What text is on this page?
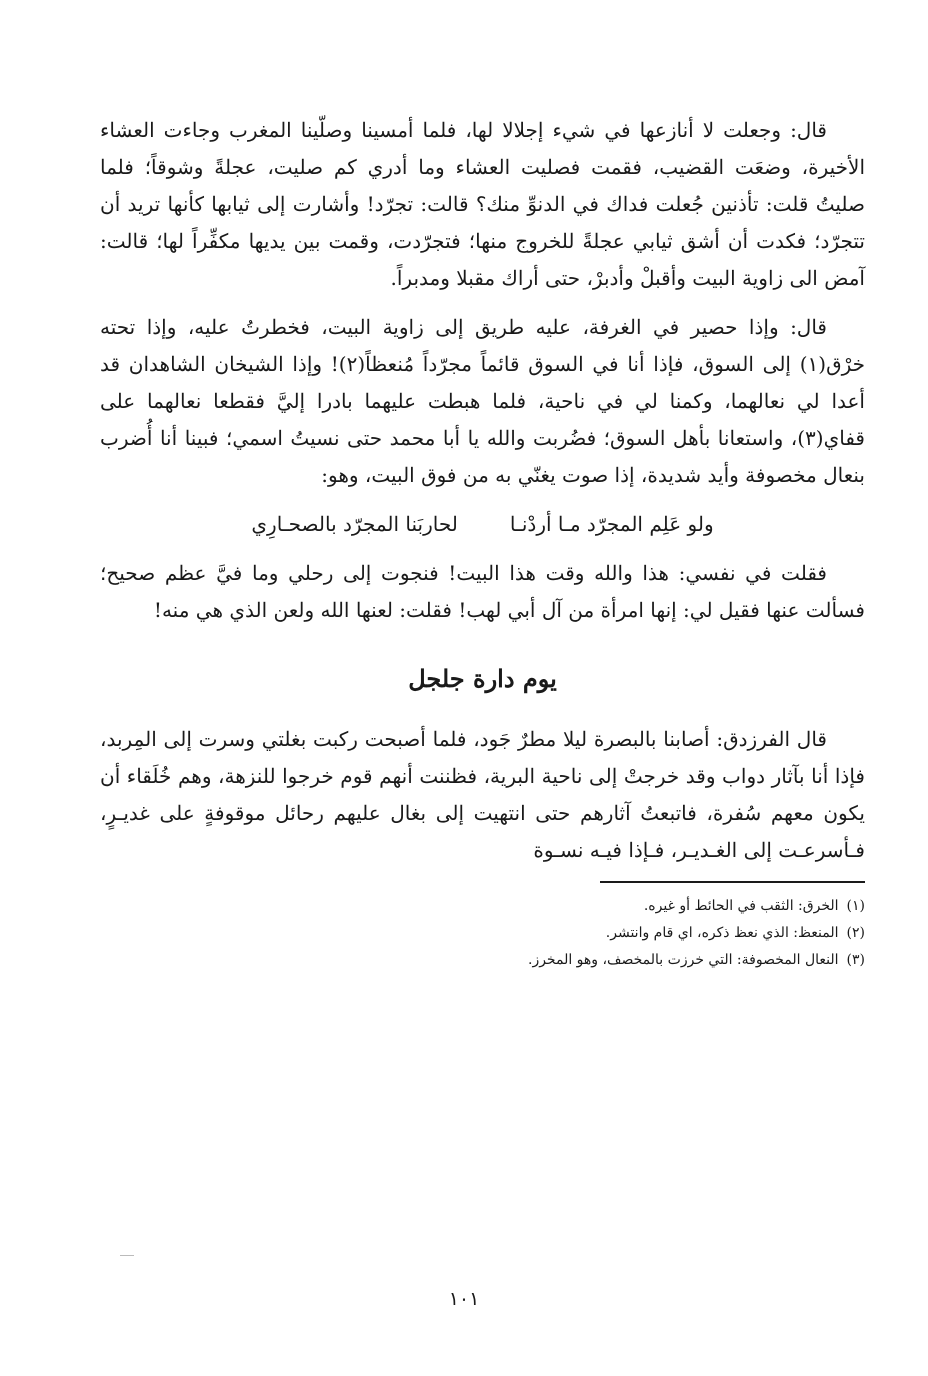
قال: وجعلت لا أنازعها في شيء إجلالا لها، فلما أمسينا وصلّينا المغرب وجاءت العشاء الأخيرة، وضعَت القضيب، فقمت فصليت العشاء وما أدري كم صليت، عجلةً وشوقاً؛ فلما صليتُ قلت: تأذنين جُعلت فداك في الدنوِّ منك؟ قالت: تجرّد! وأشارت إلى ثيابها كأنها تريد أن تتجرّد؛ فكدت أن أشق ثيابي عجلةً للخروج منها؛ فتجرّدت، وقمت بين يديها مكفِّراً لها؛ قالت: آمض الى زاوية البيت وأقبلْ وأدبرْ، حتى أراك مقبلا ومدبراً.

قال: وإذا حصير في الغرفة، عليه طريق إلى زاوية البيت، فخطرتُ عليه، وإذا تحته خرْق(١) إلى السوق، فإذا أنا في السوق قائماً مجرّداً مُنعظاً(٢)! وإذا الشيخان الشاهدان قد أعدا لي نعالهما، وكمنا لي في ناحية، فلما هبطت عليهما بادرا إليَّ فقطعا نعالهما على قفاي(٣)، واستعانا بأهل السوق؛ فضُربت والله يا أبا محمد حتى نسيتُ اسمي؛ فبينا أنا أُضرب بنعال مخصوفة وأيد شديدة، إذا صوت يغنّي به من فوق البيت، وهو:

ولو عَلِم المجرّد مـا أردْنـا
لحاربَنا المجرّد بالصحـارِي

فقلت في نفسي: هذا والله وقت هذا البيت! فنجوت إلى رحلي وما فيَّ عظم صحيح؛ فسألت عنها فقيل لي: إنها امرأة من آل أبي لهب! فقلت: لعنها الله ولعن الذي هي منه!

يوم دارة جلجل

قال الفرزدق: أصابنا بالبصرة ليلا مطرٌ جَود، فلما أصبحت ركبت بغلتي وسرت إلى المِربد، فإذا أنا بآثار دواب وقد خرجتْ إلى ناحية البرية، فظننت أنهم قوم خرجوا للنزهة، وهم خُلَقاء أن يكون معهم سُفرة، فاتبعتُ آثارهم حتى انتهيت إلى بغال عليهم رحائل موقوفةٍ على غديـرٍ، فـأسرعـت إلى الغـديـر، فـإذا فيـه نسـوة

(١)
الخرق: الثقب في الحائط أو غيره.
(٢)
المنعظ: الذي نعظ ذكره، اي قام وانتشر.
(٣)
النعال المخصوفة: التي خرزت بالمخصف، وهو المخرز.
١٠١
